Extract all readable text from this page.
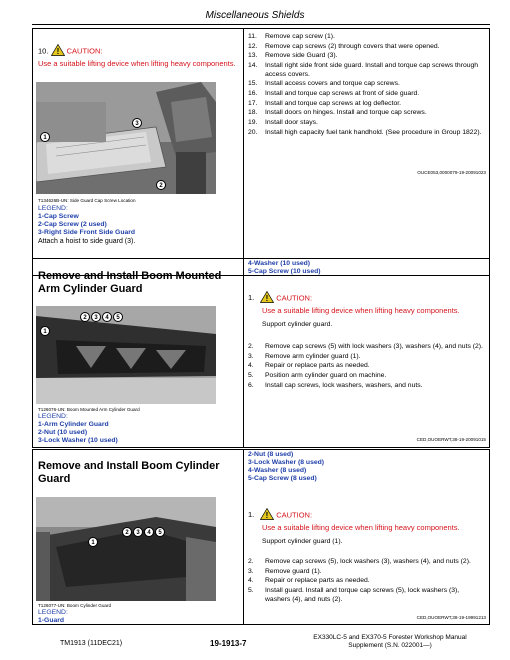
Miscellaneous Shields
10. ! CAUTION:
Use a suitable lifting device when lifting heavy components.
1
3
2
T134626B-UN: Side Guard Cap Screw Location
LEGEND:
1-Cap Screw
2-Cap Screw (2 used)
3-Right Side Front Side Guard
Attach a hoist to side guard (3).
11.	Remove cap screw (1).
12.	Remove cap screws (2) through covers that were opened.
13.	Remove side Guard (3).
14.	Install right side front side guard. Install and torque cap screws through access covers.
15.	Install access covers and torque cap screws.
16.	Install and torque cap screws at front of side guard.
17.	Install and torque cap screws at log deflector.
18.	Install doors on hinges. Install and torque cap screws.
19.	Install door stays.
20.	Install high capacity fuel tank handhold. (See procedure in Group 1822).
OUCE053,0000079-19-20091023
Remove and Install Boom Mounted Arm Cylinder Guard
4-Washer (10 used)
5-Cap Screw (10 used)
2	3	4	5
1
T126076-UN: Boom Mounted Arm Cylinder Guard
LEGEND:
1-Arm Cylinder Guard
2-Nut (10 used)
3-Lock Washer (10 used)
1. ! CAUTION:
Use a suitable lifting device when lifting heavy components.
Support cylinder guard.
2.	Remove cap screws (5) with lock washers (3), washers (4), and nuts (2).
3.	Remove arm cylinder guard (1).
4.	Repair or replace parts as needed.
5.	Position arm cylinder guard on machine.
6.	Install cap screws, lock washers, washers, and nuts.
CED,OUOERWT,38-19-20091015
Remove and Install Boom Cylinder Guard
2-Nut (8 used)
3-Lock Washer (8 used)
4-Washer (8 used)
5-Cap Screw (8 used)
2	3	4	5
1
T126077-UN: Boom Cylinder Guard
LEGEND:
1-Guard
1. ! CAUTION:
Use a suitable lifting device when lifting heavy components.
Support cylinder guard (1).
2.	Remove cap screws (5), lock washers (3), washers (4), and nuts (2).
3.	Remove guard (1).
4.	Repair or replace parts as needed.
5.	Install guard. Install and torque cap screws (5), lock washers (3), washers (4), and nuts (2).
CED,OUOERWT,38-19-19991213
TM1913 (11DEC21)	19-1913-7
EX330LC-5 and EX370-5 Forester Workshop Manual
Supplement (S.N. 022001—)
